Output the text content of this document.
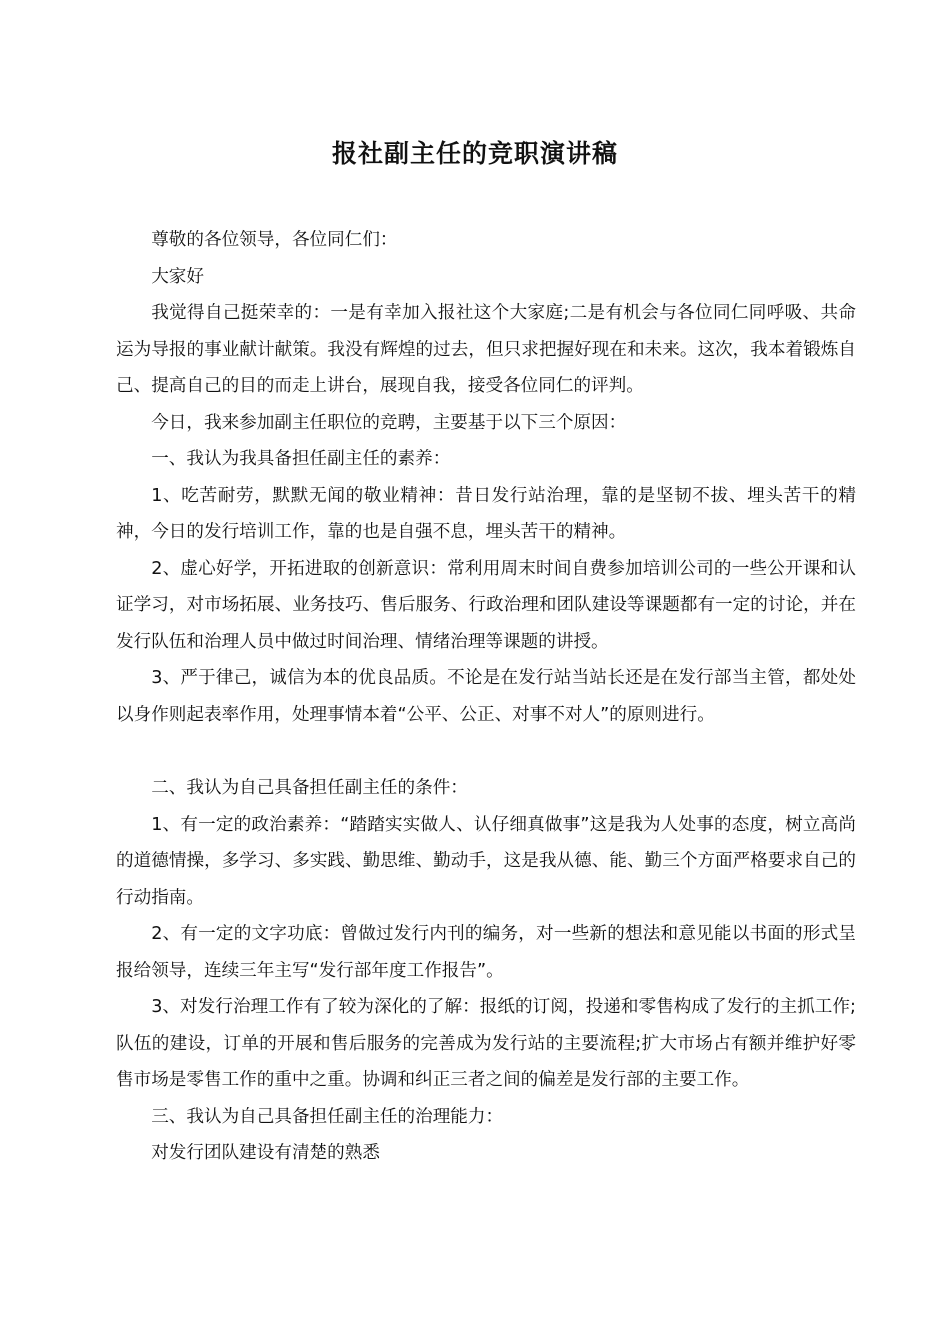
报社副主任的竞职演讲稿

尊敬的各位领导，各位同仁们：

大家好

我觉得自己挺荣幸的：一是有幸加入报社这个大家庭;二是有机会与各位同仁同呼吸、共命运为导报的事业献计献策。我没有辉煌的过去，但只求把握好现在和未来。这次，我本着锻炼自己、提高自己的目的而走上讲台，展现自我，接受各位同仁的评判。

今日，我来参加副主任职位的竞聘，主要基于以下三个原因：

一、我认为我具备担任副主任的素养：

1、吃苦耐劳，默默无闻的敬业精神：昔日发行站治理，靠的是坚韧不拔、埋头苦干的精神，今日的发行培训工作，靠的也是自强不息，埋头苦干的精神。

2、虚心好学，开拓进取的创新意识：常利用周末时间自费参加培训公司的一些公开课和认证学习，对市场拓展、业务技巧、售后服务、行政治理和团队建设等课题都有一定的讨论，并在发行队伍和治理人员中做过时间治理、情绪治理等课题的讲授。

3、严于律己，诚信为本的优良品质。不论是在发行站当站长还是在发行部当主管，都处处以身作则起表率作用，处理事情本着“公平、公正、对事不对人”的原则进行。

二、我认为自己具备担任副主任的条件：

1、有一定的政治素养：“踏踏实实做人、认仔细真做事”这是我为人处事的态度，树立高尚的道德情操，多学习、多实践、勤思维、勤动手，这是我从德、能、勤三个方面严格要求自己的行动指南。

2、有一定的文字功底：曾做过发行内刊的编务，对一些新的想法和意见能以书面的形式呈报给领导，连续三年主写“发行部年度工作报告”。

3、对发行治理工作有了较为深化的了解：报纸的订阅，投递和零售构成了发行的主抓工作;队伍的建设，订单的开展和售后服务的完善成为发行站的主要流程;扩大市场占有额并维护好零售市场是零售工作的重中之重。协调和纠正三者之间的偏差是发行部的主要工作。

三、我认为自己具备担任副主任的治理能力：

对发行团队建设有清楚的熟悉
